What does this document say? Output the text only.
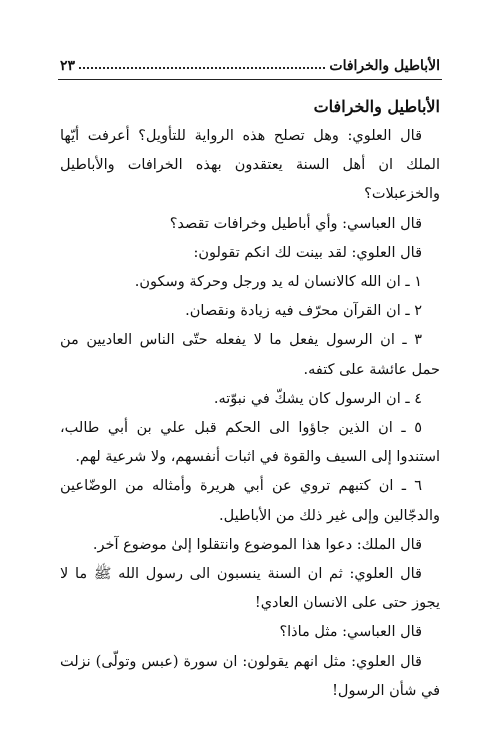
الأباطيل والخرافات
٢٣

الأباطيل والخرافات

قال العلوي: وهل تصلح هذه الرواية للتأويل؟ أعرفت أيّها الملك ان أهل السنة يعتقدون بهذه الخرافات والأباطيل والخزعبلات؟

قال العباسي: وأي أباطيل وخرافات تقصد؟

قال العلوي: لقد بينت لك انكم تقولون:

١ ـ ان الله كالانسان له يد ورجل وحركة وسكون.

٢ ـ ان القرآن محرّف فيه زيادة ونقصان.

٣ ـ ان الرسول يفعل ما لا يفعله حتّى الناس العاديين من حمل عائشة على كتفه.

٤ ـ ان الرسول كان يشكّ في نبوّته.

٥ ـ ان الذين جاؤوا الى الحكم قبل علي بن أبي طالب، استندوا إلى السيف والقوة في اثبات أنفسهم، ولا شرعية لهم.

٦ ـ ان كتبهم تروي عن أبي هريرة وأمثاله من الوضّاعين والدجّالين وإلى غير ذلك من الأباطيل.

قال الملك: دعوا هذا الموضوع وانتقلوا إلىٰ موضوع آخر.

قال العلوي: ثم ان السنة ينسبون الى رسول الله ﷺ ما لا يجوز حتى على الانسان العادي!

قال العباسي: مثل ماذا؟

قال العلوي: مثل انهم يقولون: ان سورة (عبس وتولّى) نزلت في شأن الرسول!
